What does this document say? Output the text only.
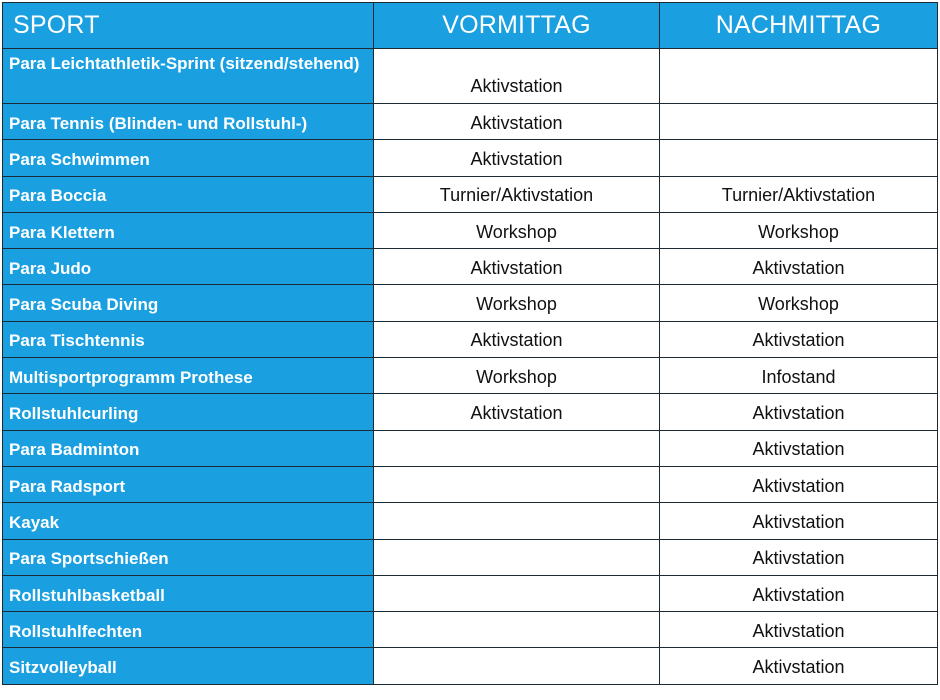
SPORT	VORMITTAG	NACHMITTAG
Para Leichtathletik-Sprint (sitzend/stehend)	Aktivstation	
Para Tennis (Blinden- und Rollstuhl-)	Aktivstation	
Para Schwimmen	Aktivstation	
Para Boccia	Turnier/Aktivstation	Turnier/Aktivstation
Para Klettern	Workshop	Workshop
Para Judo	Aktivstation	Aktivstation
Para Scuba Diving	Workshop	Workshop
Para Tischtennis	Aktivstation	Aktivstation
Multisportprogramm Prothese	Workshop	Infostand
Rollstuhlcurling	Aktivstation	Aktivstation
Para Badminton		Aktivstation
Para Radsport		Aktivstation
Kayak		Aktivstation
Para Sportschießen		Aktivstation
Rollstuhlbasketball		Aktivstation
Rollstuhlfechten		Aktivstation
Sitzvolleyball		Aktivstation
